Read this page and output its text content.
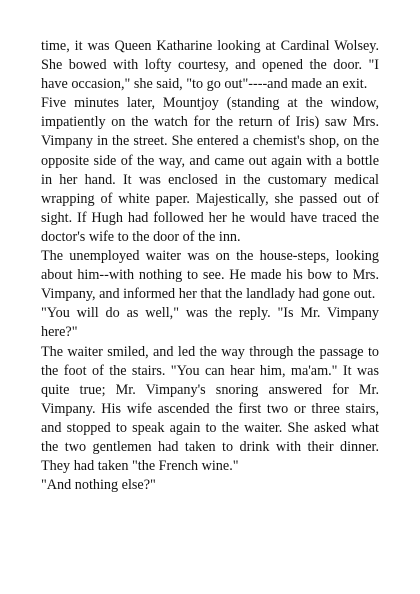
time, it was Queen Katharine looking at Cardinal Wolsey. She bowed with lofty courtesy, and opened the door. "I have occasion," she said, "to go out"----and made an exit.

Five minutes later, Mountjoy (standing at the window, impatiently on the watch for the return of Iris) saw Mrs. Vimpany in the street. She entered a chemist's shop, on the opposite side of the way, and came out again with a bottle in her hand. It was enclosed in the customary medical wrapping of white paper. Majestically, she passed out of sight. If Hugh had followed her he would have traced the doctor's wife to the door of the inn.

The unemployed waiter was on the house-steps, looking about him--with nothing to see. He made his bow to Mrs. Vimpany, and informed her that the landlady had gone out.

"You will do as well," was the reply. "Is Mr. Vimpany here?"

The waiter smiled, and led the way through the passage to the foot of the stairs. "You can hear him, ma'am." It was quite true; Mr. Vimpany's snoring answered for Mr. Vimpany. His wife ascended the first two or three stairs, and stopped to speak again to the waiter. She asked what the two gentlemen had taken to drink with their dinner. They had taken "the French wine."

"And nothing else?"
